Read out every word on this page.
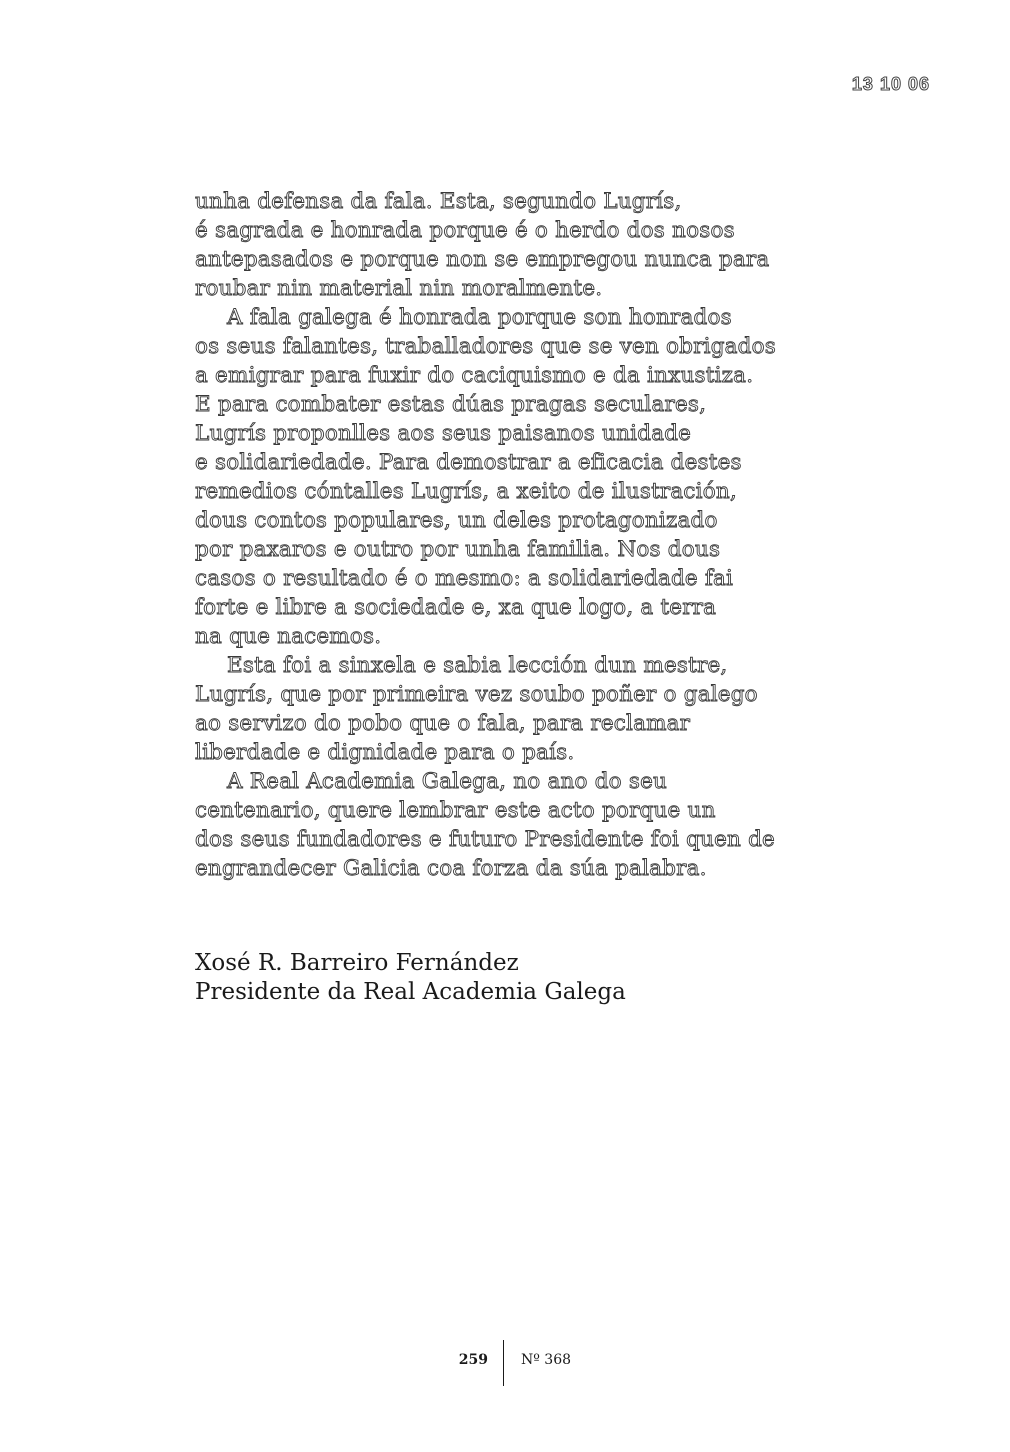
13 10 06
unha defensa da fala. Esta, segundo Lugrís,
é sagrada e honrada porque é o herdo dos nosos
antepasados e porque non se empregou nunca para
roubar nin material nin moralmente.
A fala galega é honrada porque son honrados
os seus falantes, traballadores que se ven obrigados
a emigrar para fuxir do caciquismo e da inxustiza.
E para combater estas dúas pragas seculares,
Lugrís proponlles aos seus paisanos unidade
e solidariedade. Para demostrar a eficacia destes
remedios cóntalles Lugrís, a xeito de ilustración,
dous contos populares, un deles protagonizado
por paxaros e outro por unha familia. Nos dous
casos o resultado é o mesmo: a solidariedade fai
forte e libre a sociedade e, xa que logo, a terra
na que nacemos.
Esta foi a sinxela e sabia lección dun mestre,
Lugrís, que por primeira vez soubo poñer o galego
ao servizo do pobo que o fala, para reclamar
liberdade e dignidade para o país.
A Real Academia Galega, no ano do seu
centenario, quere lembrar este acto porque un
dos seus fundadores e futuro Presidente foi quen de
engrandecer Galicia coa forza da súa palabra.
Xosé R. Barreiro Fernández
Presidente da Real Academia Galega
259 Nº 368
